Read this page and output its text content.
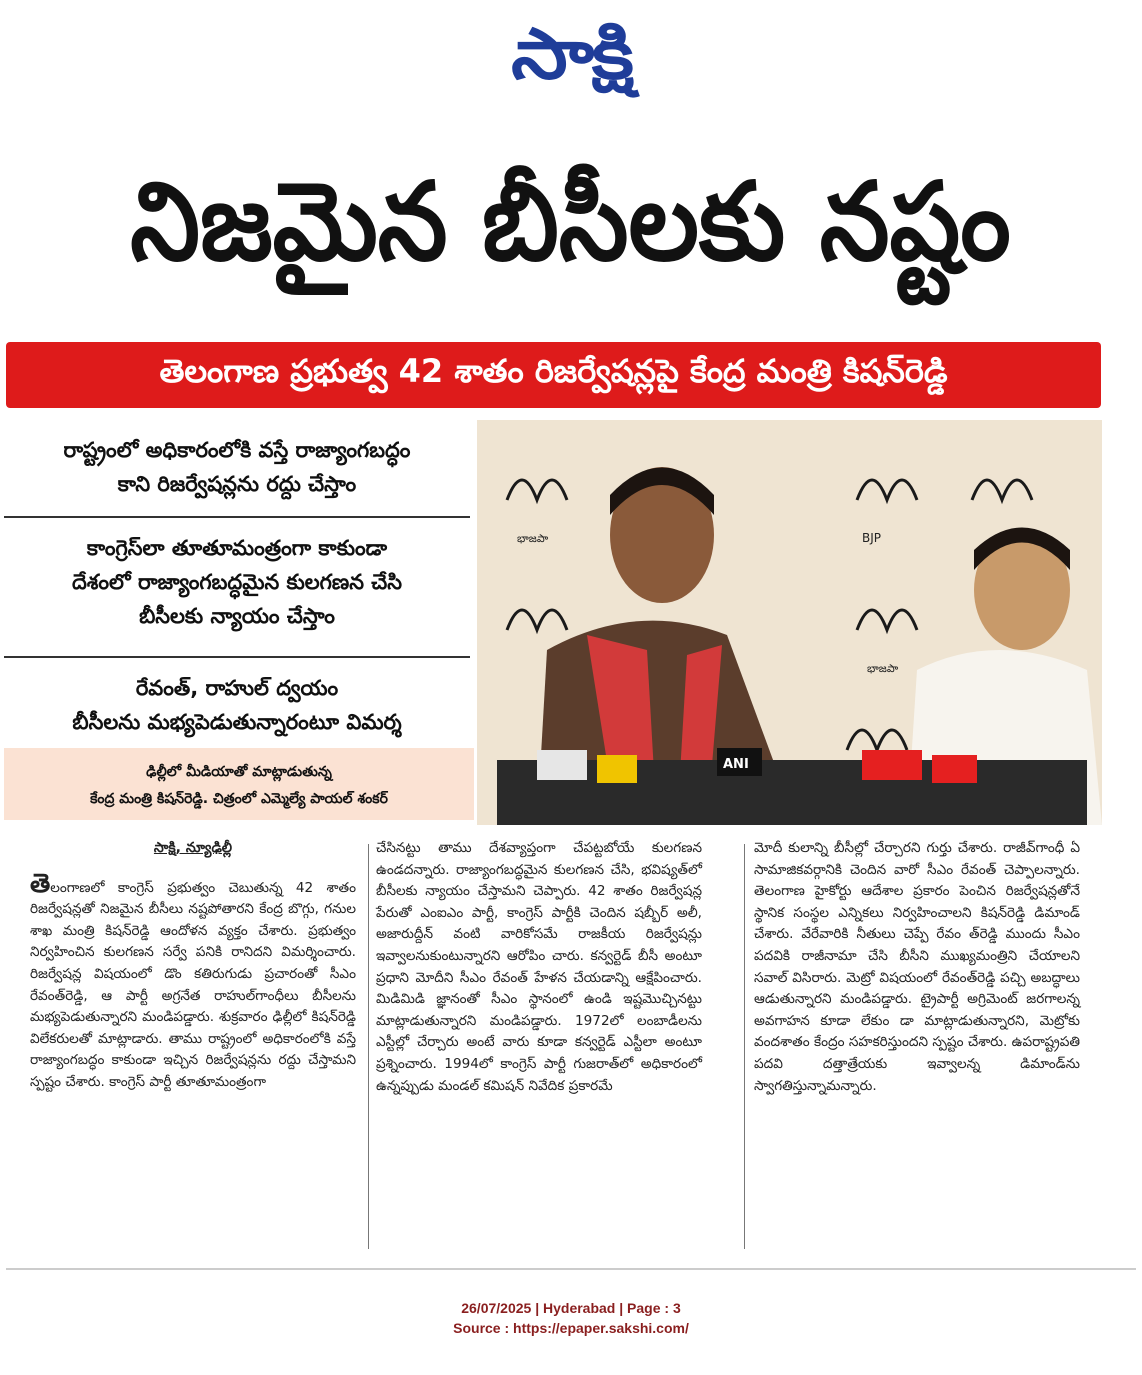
సాక్షి
నిజమైన బీసీలకు నష్టం
తెలంగాణ ప్రభుత్వ 42 శాతం రిజర్వేషన్లపై కేంద్ర మంత్రి కిషన్‌రెడ్డి
రాష్ట్రంలో అధికారంలోకి వస్తే రాజ్యాంగబద్ధం
కాని రిజర్వేషన్లను రద్దు చేస్తాం
కాంగ్రెస్‌లా తూతూమంత్రంగా కాకుండా
దేశంలో రాజ్యాంగబద్ధమైన కులగణన చేసి
బీసీలకు న్యాయం చేస్తాం
రేవంత్, రాహుల్ ద్వయం
బీసీలను మభ్యపెడుతున్నారంటూ విమర్శ
ఢిల్లీలో మీడియాతో మాట్లాడుతున్న
కేంద్ర మంత్రి కిషన్‌రెడ్డి. చిత్రంలో ఎమ్మెల్యే పాయల్ శంకర్
BJP
భాజపా
భాజపా
ANI
సాక్షి, న్యూఢిల్లీ

తెలంగాణలో కాంగ్రెస్ ప్రభుత్వం చెబుతున్న 42 శాతం రిజర్వేషన్లతో నిజమైన బీసీలు నష్టపోతారని కేంద్ర బొగ్గు, గనుల శాఖ మంత్రి కిషన్‌రెడ్డి ఆందోళన వ్యక్తం చేశారు. ప్రభుత్వం నిర్వహించిన కులగణన సర్వే పనికి రానిదని విమర్శించారు. రిజర్వేషన్ల విషయంలో డొం కతిరుగుడు ప్రచారంతో సీఎం రేవంత్‌రెడ్డి, ఆ పార్టీ అగ్రనేత రాహుల్‌గాంధీలు బీసీలను మభ్యపెడుతున్నారని మండిపడ్డారు. శుక్రవారం ఢిల్లీలో కిషన్‌రెడ్డి విలేకరులతో మాట్లాడారు. తాము రాష్ట్రంలో అధికారంలోకి వస్తే రాజ్యాంగబద్ధం కాకుండా ఇచ్చిన రిజర్వేషన్లను రద్దు చేస్తామని స్పష్టం చేశారు. కాంగ్రెస్ పార్టీ తూతూమంత్రంగా

చేసినట్టు తాము దేశవ్యాప్తంగా చేపట్టబోయే కులగణన ఉండదన్నారు. రాజ్యాంగబద్ధమైన కులగణన చేసి, భవిష్యత్‌లో బీసీలకు న్యాయం చేస్తామని చెప్పారు. 42 శాతం రిజర్వేషన్ల పేరుతో ఎంఐఎం పార్టీ, కాంగ్రెస్ పార్టీకి చెందిన షబ్బీర్ అలీ, అజారుద్దీన్ వంటి వారికోసమే రాజకీయ రిజర్వేషన్లు ఇవ్వాలనుకుంటున్నారని ఆరోపిం చారు. కన్వర్టెడ్ బీసీ అంటూ ప్రధాని మోదీని సీఎం రేవంత్ హేళన చేయడాన్ని ఆక్షేపించారు. మిడిమిడి జ్ఞానంతో సీఎం స్థానంలో ఉండి ఇష్టమొచ్చినట్టు మాట్లాడుతున్నారని మండిపడ్డారు. 1972లో లంబాడీలను ఎస్టీల్లో చేర్చారు అంటే వారు కూడా కన్వర్టెడ్ ఎస్టీలా అంటూ ప్రశ్నించారు. 1994లో కాంగ్రెస్ పార్టీ గుజరాత్‌లో అధికారంలో ఉన్నప్పుడు మండల్ కమిషన్ నివేదిక ప్రకారమే
మోదీ కులాన్ని బీసీల్లో చేర్చారని గుర్తు చేశారు. రాజీవ్‌గాంధీ ఏ సామాజికవర్గానికి చెందిన వారో సీఎం రేవంత్ చెప్పాలన్నారు. తెలంగాణ హైకోర్టు ఆదేశాల ప్రకారం పెంచిన రిజర్వేషన్లతోనే స్థానిక సంస్థల ఎన్నికలు నిర్వహించాలని కిషన్‌రెడ్డి డిమాండ్ చేశారు. వేరేవారికి నీతులు చెప్పే రేవం త్‌రెడ్డి ముందు సీఎం పదవికి రాజీనామా చేసి బీసీని ముఖ్యమంత్రిని చేయాలని సవాల్ విసిరారు. మెట్రో విషయంలో రేవంత్‌రెడ్డి పచ్చి అబద్ధాలు ఆడుతున్నారని మండిపడ్డారు. ట్రైపార్టీ అగ్రిమెంట్ జరగాలన్న అవగాహన కూడా లేకుం డా మాట్లాడుతున్నారని, మెట్రోకు వందశాతం కేంద్రం సహకరిస్తుందని స్పష్టం చేశారు. ఉపరాష్ట్రపతి పదవి దత్తాత్రేయకు ఇవ్వాలన్న డిమాండ్‌ను స్వాగతిస్తున్నామన్నారు.
26/07/2025 | Hyderabad | Page : 3
Source : https://epaper.sakshi.com/
